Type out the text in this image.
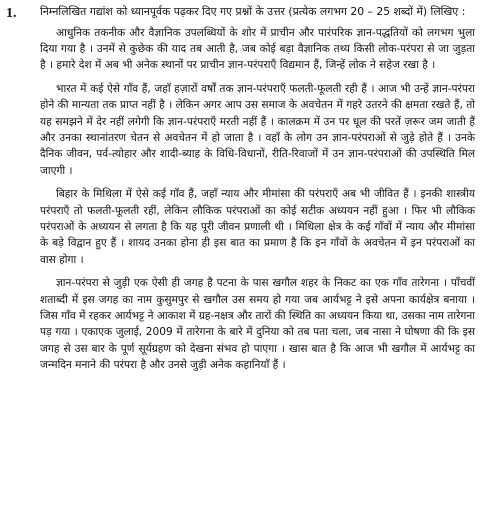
1.	निम्नलिखित गद्यांश को ध्यानपूर्वक पढ़कर दिए गए प्रश्नों के उत्तर (प्रत्येक लगभग 20 – 25 शब्दों में) लिखिए :

आधुनिक तकनीक और वैज्ञानिक उपलब्धियों के शोर में प्राचीन और पारंपरिक ज्ञान-पद्धतियों को लगभग भुला दिया गया है । उनमें से कुछेक की याद तब आती है, जब कोई बड़ा वैज्ञानिक तथ्य किसी लोक-परंपरा से जा जुड़ता है । हमारे देश में अब भी अनेक स्थानों पर प्राचीन ज्ञान-परंपराएँ विद्यमान हैं, जिन्हें लोक ने सहेज रखा है ।

भारत में कई ऐसे गाँव हैं, जहाँ हज़ारों वर्षों तक ज्ञान-परंपराएँ फलती-फूलती रही हैं । आज भी उन्हें ज्ञान-परंपरा होने की मान्यता तक प्राप्त नहीं है । लेकिन अगर आप उस समाज के अवचेतन में गहरे उतरने की क्षमता रखते हैं, तो यह समझने में देर नहीं लगेगी कि ज्ञान-परंपराएँ मरती नहीं हैं । कालक्रम में उन पर धूल की परतें ज़रूर जम जाती हैं और उनका स्थानांतरण चेतन से अवचेतन में हो जाता है । वहाँ के लोग उन ज्ञान-परंपराओं से जुड़े होते हैं । उनके दैनिक जीवन, पर्व-त्योहार और शादी-ब्याह के विधि-विधानों, रीति-रिवाजों में उन ज्ञान-परंपराओं की उपस्थिति मिल जाएगी ।

बिहार के मिथिला में ऐसे कई गाँव हैं, जहाँ न्याय और मीमांसा की परंपराएँ अब भी जीवित हैं । इनकी शास्त्रीय परंपराएँ तो फलती-फूलती रहीं, लेकिन लौकिक परंपराओं का कोई सटीक अध्ययन नहीं हुआ । फिर भी लौकिक परंपराओं के अध्ययन से लगता है कि यह पूरी जीवन प्रणाली थी । मिथिला क्षेत्र के कई गाँवों में न्याय और मीमांसा के बड़े विद्वान हुए हैं । शायद उनका होना ही इस बात का प्रमाण है कि इन गाँवों के अवचेतन में इन परंपराओं का वास होगा ।

ज्ञान-परंपरा से जुड़ी एक ऐसी ही जगह है पटना के पास खगौल शहर के निकट का एक गाँव तारेगना । पाँचवीं शताब्दी में इस जगह का नाम कुसुमपुर से खगौल उस समय हो गया जब आर्यभट्ट ने इसे अपना कार्यक्षेत्र बनाया । जिस गाँव में रहकर आर्यभट्ट ने आकाश में ग्रह-नक्षत्र और तारों की स्थिति का अध्ययन किया था, उसका नाम तारेगना पड़ गया । एकाएक जुलाई, 2009 में तारेगना के बारे में दुनिया को तब पता चला, जब नासा ने घोषणा की कि इस जगह से उस बार के पूर्ण सूर्यग्रहण को देखना संभव हो पाएगा । खास बात है कि आज भी खगौल में आर्यभट्ट का जन्मदिन मनाने की परंपरा है और उनसे जुड़ी अनेक कहानियाँ हैं ।
